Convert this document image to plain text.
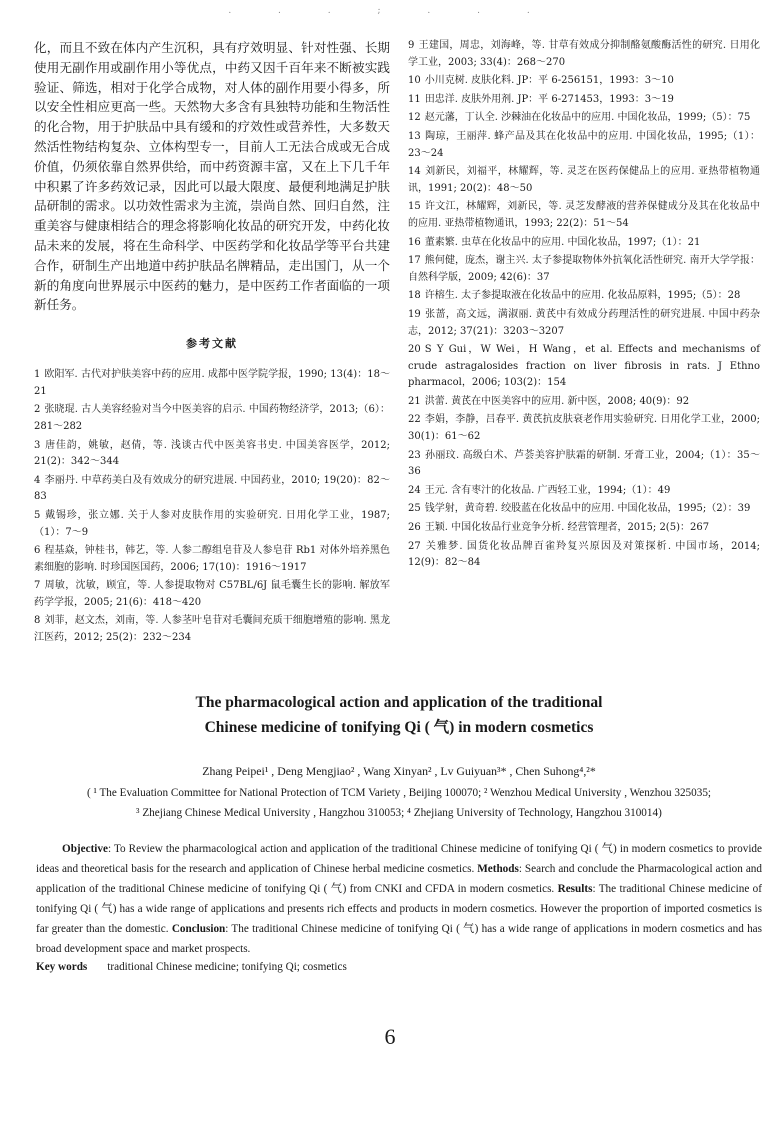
. . . ; . . .

化，而且不致在体内产生沉积，具有疗效明显、针对性强、长期使用无副作用或副作用小等优点，中药又因千百年来不断被实践验证、筛选，相对于化学合成物，对人体的副作用要小得多，所以安全性相应更高一些。天然物大多含有具独特功能和生物活性的化合物，用于护肤品中具有缓和的疗效性或营养性，大多数天然活性物结构复杂、立体构型专一，目前人工无法合成或无合成价值，仍须依靠自然界供给，而中药资源丰富，又在上下几千年中积累了许多药效记录，因此可以最大限度、最便利地满足护肤品研制的需求。以功效性需求为主流，崇尚自然、回归自然，注重美容与健康相结合的理念将影响化妆品的研究开发，中药化妆品未来的发展，将在生命科学、中医药学和化妆品学等平台共建合作，研制生产出地道中药护肤品名牌精品，走出国门，从一个新的角度向世界展示中医药的魅力，是中医药工作者面临的一项新任务。

参考文献

1 欧阳军. 古代对护肤美容中药的应用. 成都中医学院学报，1990; 13(4)：18～21

2 张晓琨. 古人美容经验对当今中医美容的启示. 中国药物经济学，2013;（6）：281～282

3 唐佳韵，姚敏，赵倩，等. 浅谈古代中医美容书史. 中国美容医学，2012; 21(2)：342～344

4 李丽丹. 中草药美白及有效成分的研究进展. 中国药业，2010; 19(20)：82～83

5 戴锡珍，张立娜. 关于人参对皮肤作用的实验研究. 日用化学工业，1987;（1）：7～9

6 程基焱，钟桂书，韩艺，等. 人参二醇组皂苷及人参皂苷 Rb1 对体外培养黑色素细胞的影响. 时珍国医国药，2006; 17(10)：1916～1917

7 周敏，沈敏，顾宜，等. 人参提取物对 C57BL/6J 鼠毛囊生长的影响. 解放军药学学报，2005; 21(6)：418～420

8 刘菲，赵文杰，刘南，等. 人参茎叶皂苷对毛囊间充质干细胞增殖的影响. 黑龙江医药，2012; 25(2)：232～234

9 王建国，周忠，刘海峰，等. 甘草有效成分抑制酪氨酸酶活性的研究. 日用化学工业，2003; 33(4)：268～270

10 小川克树. 皮肤化料. JP：平 6-256151，1993：3～10

11 田忠洋. 皮肤外用剂. JP：平 6-271453，1993：3～19

12 赵元藩，丁认全. 沙棘油在化妆品中的应用. 中国化妆品，1999;（5）：75

13 陶琼，王丽萍. 蜂产品及其在化妆品中的应用. 中国化妆品，1995;（1）：23～24

14 刘新民，刘福平，林耀辉，等. 灵芝在医药保健品上的应用. 亚热带植物通讯，1991; 20(2)：48～50

15 许文江，林耀辉，刘新民，等. 灵芝发酵液的营养保健成分及其在化妆品中的应用. 亚热带植物通讯，1993; 22(2)：51～54

16 董素繁. 虫草在化妆品中的应用. 中国化妆品，1997;（1）：21

17 熊何健，庞杰，谢主兴. 太子参提取物体外抗氧化活性研究. 南开大学学报：自然科学版，2009; 42(6)：37

18 许榕生. 太子参提取液在化妆品中的应用. 化妆品原料，1995;（5）：28

19 张蔷，高文远，满淑丽. 黄芪中有效成分药理活性的研究进展. 中国中药杂志，2012; 37(21)：3203～3207

20 S Y Gui，W Wei，H Wang，et al. Effects and mechanisms of crude astragalosides fraction on liver fibrosis in rats. J Ethno pharmacol，2006; 103(2)：154

21 洪蕾. 黄芪在中医美容中的应用. 新中医，2008; 40(9)：92

22 李娟，李静，吕春平. 黄芪抗皮肤衰老作用实验研究. 日用化学工业，2000; 30(1)：61～62

23 孙丽玟. 高级白术、芦荟美容护肤霜的研制. 牙膏工业，2004;（1）：35～36

24 王元. 含有枣汁的化妆品. 广西轻工业，1994;（1）：49

25 钱学射，黄奇碧. 绞股蓝在化妆品中的应用. 中国化妆品，1995;（2）：39

26 王颖. 中国化妆品行业竞争分析. 经营管理者，2015; 2(5)：267

27 关雅梦. 国货化妆品牌百雀羚复兴原因及对策探析. 中国市场，2014; 12(9)：82～84

The pharmacological action and application of the traditional

Chinese medicine of tonifying Qi ( 气) in modern cosmetics

Zhang Peipei¹ , Deng Mengjiao² , Wang Xinyan² , Lv Guiyuan³* , Chen Suhong⁴,²*

( ¹ The Evaluation Committee for National Protection of TCM Variety , Beijing 100070; ² Wenzhou Medical University , Wenzhou 325035;

³ Zhejiang Chinese Medical University , Hangzhou 310053; ⁴ Zhejiang University of Technology, Hangzhou 310014)

Objective: To Review the pharmacological action and application of the traditional Chinese medicine of tonifying Qi ( 气) in modern cosmetics to provide ideas and theoretical basis for the research and application of Chinese herbal medicine cosmetics. Methods: Search and conclude the Pharmacological action and application of the traditional Chinese medicine of tonifying Qi ( 气) from CNKI and CFDA in modern cosmetics. Results: The traditional Chinese medicine of tonifying Qi ( 气) has a wide range of applications and presents rich effects and products in modern cosmetics. However the proportion of imported cosmetics is far greater than the domestic. Conclusion: The traditional Chinese medicine of tonifying Qi ( 气) has a wide range of applications in modern cosmetics and has broad development space and market prospects.

Key words traditional Chinese medicine; tonifying Qi; cosmetics

6
